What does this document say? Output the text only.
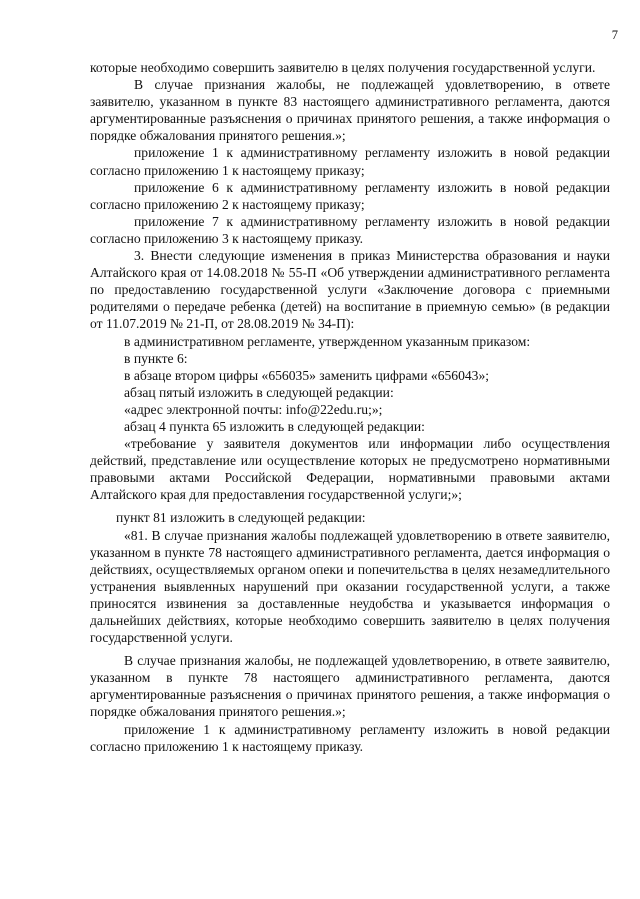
7

которые необходимо совершить заявителю в целях получения государственной услуги.

В случае признания жалобы, не подлежащей удовлетворению, в ответе заявителю, указанном в пункте 83 настоящего административного регламента, даются аргументированные разъяснения о причинах принятого решения, а также информация о порядке обжалования принятого решения.»;

приложение 1 к административному регламенту изложить в новой редакции согласно приложению 1 к настоящему приказу;

приложение 6 к административному регламенту изложить в новой редакции согласно приложению 2 к настоящему приказу;

приложение 7 к административному регламенту изложить в новой редакции согласно приложению 3 к настоящему приказу.

3. Внести следующие изменения в приказ Министерства образования и науки Алтайского края от 14.08.2018 № 55-П «Об утверждении административного регламента по предоставлению государственной услуги «Заключение договора с приемными родителями о передаче ребенка (детей) на воспитание в приемную семью» (в редакции от 11.07.2019 № 21-П, от 28.08.2019 № 34-П):

в административном регламенте, утвержденном указанным приказом:

в пункте 6:

в абзаце втором цифры «656035» заменить цифрами «656043»;

абзац пятый изложить в следующей редакции:

«адрес электронной почты: info@22edu.ru;»;

абзац 4 пункта 65 изложить в следующей редакции:

«требование у заявителя документов или информации либо осуществления действий, представление или осуществление которых не предусмотрено нормативными правовыми актами Российской Федерации, нормативными правовыми актами Алтайского края для предоставления государственной услуги;»;

пункт 81 изложить в следующей редакции:

«81. В случае признания жалобы подлежащей удовлетворению в ответе заявителю, указанном в пункте 78 настоящего административного регламента, дается информация о действиях, осуществляемых органом опеки и попечительства в целях незамедлительного устранения выявленных нарушений при оказании государственной услуги, а также приносятся извинения за доставленные неудобства и указывается информация о дальнейших действиях, которые необходимо совершить заявителю в целях получения государственной услуги.

В случае признания жалобы, не подлежащей удовлетворению, в ответе заявителю, указанном в пункте 78 настоящего административного регламента, даются аргументированные разъяснения о причинах принятого решения, а также информация о порядке обжалования принятого решения.»;

приложение 1 к административному регламенту изложить в новой редакции согласно приложению 1 к настоящему приказу.
